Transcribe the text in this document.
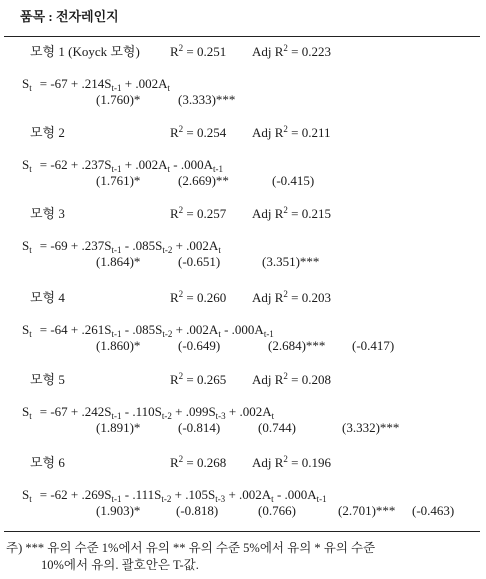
품목 : 전자레인지
모형 1 (Koyck 모형) $R^2 = 0.251$ Adj $R^2 = 0.223$
$S_t = -67 + .214S_{t-1} + .002A_t$
(1.760)*	(3.333)***
모형 2	$R^2 = 0.254$ Adj $R^2 = 0.211$
$S_t = -62 + .237S_{t-1} + .002A_t - .000A_{t-1}$
(1.761)*	(2.669)**	(-0.415)
모형 3	$R^2 = 0.257$ Adj $R^2 = 0.215$
$S_t = -69 + .237S_{t-1} - .085S_{t-2} + .002A_t$
(1.864)*	(-0.651)	(3.351)***
모형 4	$R^2 = 0.260$ Adj $R^2 = 0.203$
$S_t = -64 + .261S_{t-1} - .085S_{t-2} + .002A_t - .000A_{t-1}$
(1.860)*	(-0.649)	(2.684)*** (-0.417)
모형 5	$R^2 = 0.265$ Adj $R^2 = 0.208$
$S_t = -67 + .242S_{t-1} - .110S_{t-2} + .099S_{t-3} + .002A_t$
(1.891)*	(-0.814)	(0.744)	(3.332)***
모형 6	$R^2 = 0.268$ Adj $R^2 = 0.196$
$S_t = -62 + .269S_{t-1} - .111S_{t-2} + .105S_{t-3} + .002A_t - .000A_{t-1}$
(1.903)*	(-0.818)	(0.766)	(2.701)*** (-0.463)
주) *** 유의 수준 1%에서 유의 ** 유의 수준 5%에서 유의 * 유의 수준
10%에서 유의. 괄호안은 T-값.
